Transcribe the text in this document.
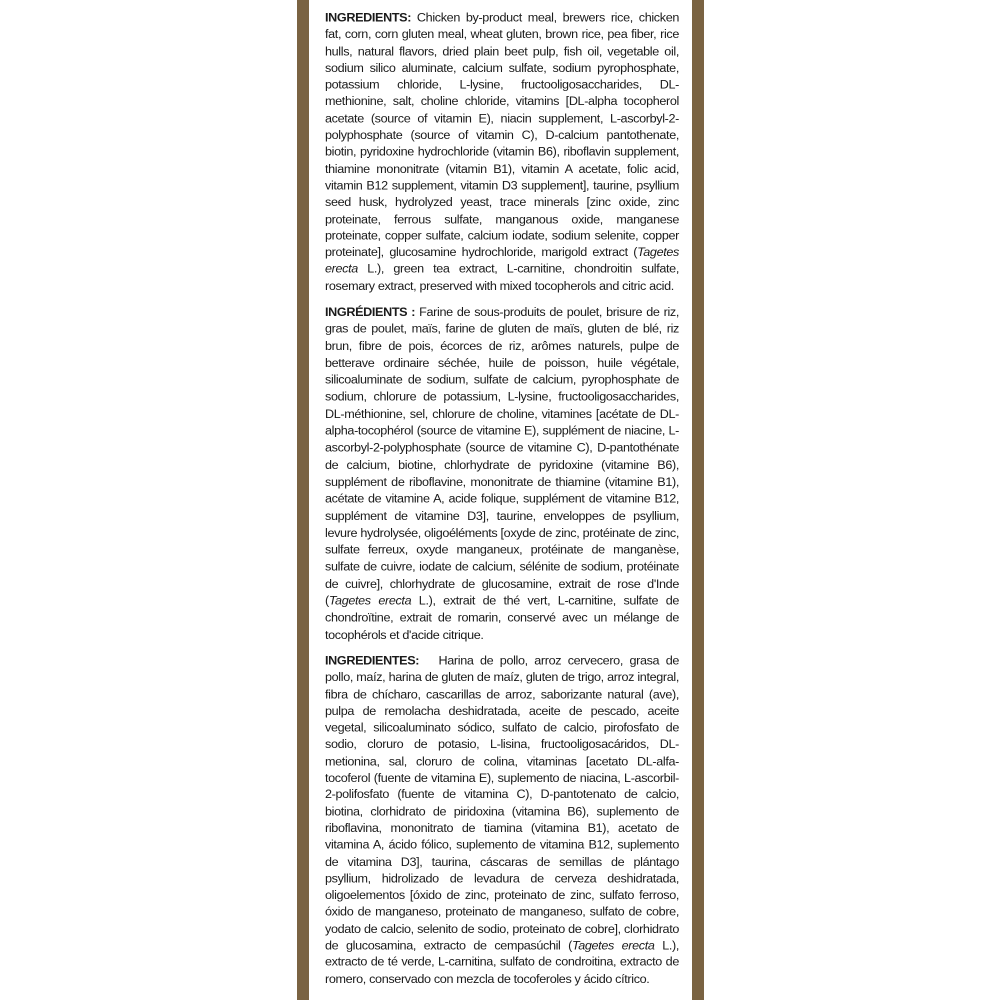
INGREDIENTS: Chicken by-product meal, brewers rice, chicken fat, corn, corn gluten meal, wheat gluten, brown rice, pea fiber, rice hulls, natural flavors, dried plain beet pulp, fish oil, vegetable oil, sodium silico aluminate, calcium sulfate, sodium pyrophosphate, potassium chloride, L-lysine, fructooligosaccharides, DL-methionine, salt, choline chloride, vitamins [DL-alpha tocopherol acetate (source of vitamin E), niacin supplement, L-ascorbyl-2-polyphosphate (source of vitamin C), D-calcium pantothenate, biotin, pyridoxine hydrochloride (vitamin B6), riboflavin supplement, thiamine mononitrate (vitamin B1), vitamin A acetate, folic acid, vitamin B12 supplement, vitamin D3 supplement], taurine, psyllium seed husk, hydrolyzed yeast, trace minerals [zinc oxide, zinc proteinate, ferrous sulfate, manganous oxide, manganese proteinate, copper sulfate, calcium iodate, sodium selenite, copper proteinate], glucosamine hydrochloride, marigold extract (Tagetes erecta L.), green tea extract, L-carnitine, chondroitin sulfate, rosemary extract, preserved with mixed tocopherols and citric acid.

INGRÉDIENTS : Farine de sous-produits de poulet, brisure de riz, gras de poulet, maïs, farine de gluten de maïs, gluten de blé, riz brun, fibre de pois, écorces de riz, arômes naturels, pulpe de betterave ordinaire séchée, huile de poisson, huile végétale, silicoaluminate de sodium, sulfate de calcium, pyrophosphate de sodium, chlorure de potassium, L-lysine, fructooligosaccharides, DL-méthionine, sel, chlorure de choline, vitamines [acétate de DL-alpha-tocophérol (source de vitamine E), supplément de niacine, L-ascorbyl-2-polyphosphate (source de vitamine C), D-pantothénate de calcium, biotine, chlorhydrate de pyridoxine (vitamine B6), supplément de riboflavine, mononitrate de thiamine (vitamine B1), acétate de vitamine A, acide folique, supplément de vitamine B12, supplément de vitamine D3], taurine, enveloppes de psyllium, levure hydrolysée, oligoéléments [oxyde de zinc, protéinate de zinc, sulfate ferreux, oxyde manganeux, protéinate de manganèse, sulfate de cuivre, iodate de calcium, sélénite de sodium, protéinate de cuivre], chlorhydrate de glucosamine, extrait de rose d'Inde (Tagetes erecta L.), extrait de thé vert, L-carnitine, sulfate de chondroïtine, extrait de romarin, conservé avec un mélange de tocophérols et d'acide citrique.

INGREDIENTES:   Harina de pollo, arroz cervecero, grasa de pollo, maíz, harina de gluten de maíz, gluten de trigo, arroz integral, fibra de chícharo, cascarillas de arroz, saborizante natural (ave), pulpa de remolacha deshidratada, aceite de pescado, aceite vegetal, silicoaluminato sódico, sulfato de calcio, pirofosfato de sodio, cloruro de potasio, L-lisina, fructooligosacáridos, DL-metionina, sal, cloruro de colina, vitaminas [acetato DL-alfa-tocoferol (fuente de vitamina E), suplemento de niacina, L-ascorbil-2-polifosfato (fuente de vitamina C), D-pantotenato de calcio, biotina, clorhidrato de piridoxina (vitamina B6), suplemento de riboflavina, mononitrato de tiamina (vitamina B1), acetato de vitamina A, ácido fólico, suplemento de vitamina B12, suplemento de vitamina D3], taurina, cáscaras de semillas de plántago psyllium, hidrolizado de levadura de cerveza deshidratada, oligoelementos [óxido de zinc, proteinato de zinc, sulfato ferroso, óxido de manganeso, proteinato de manganeso, sulfato de cobre, yodato de calcio, selenito de sodio, proteinato de cobre], clorhidrato de glucosamina, extracto de cempasúchil (Tagetes erecta L.), extracto de té verde, L-carnitina, sulfato de condroitina, extracto de romero, conservado con mezcla de tocoferoles y ácido cítrico.
